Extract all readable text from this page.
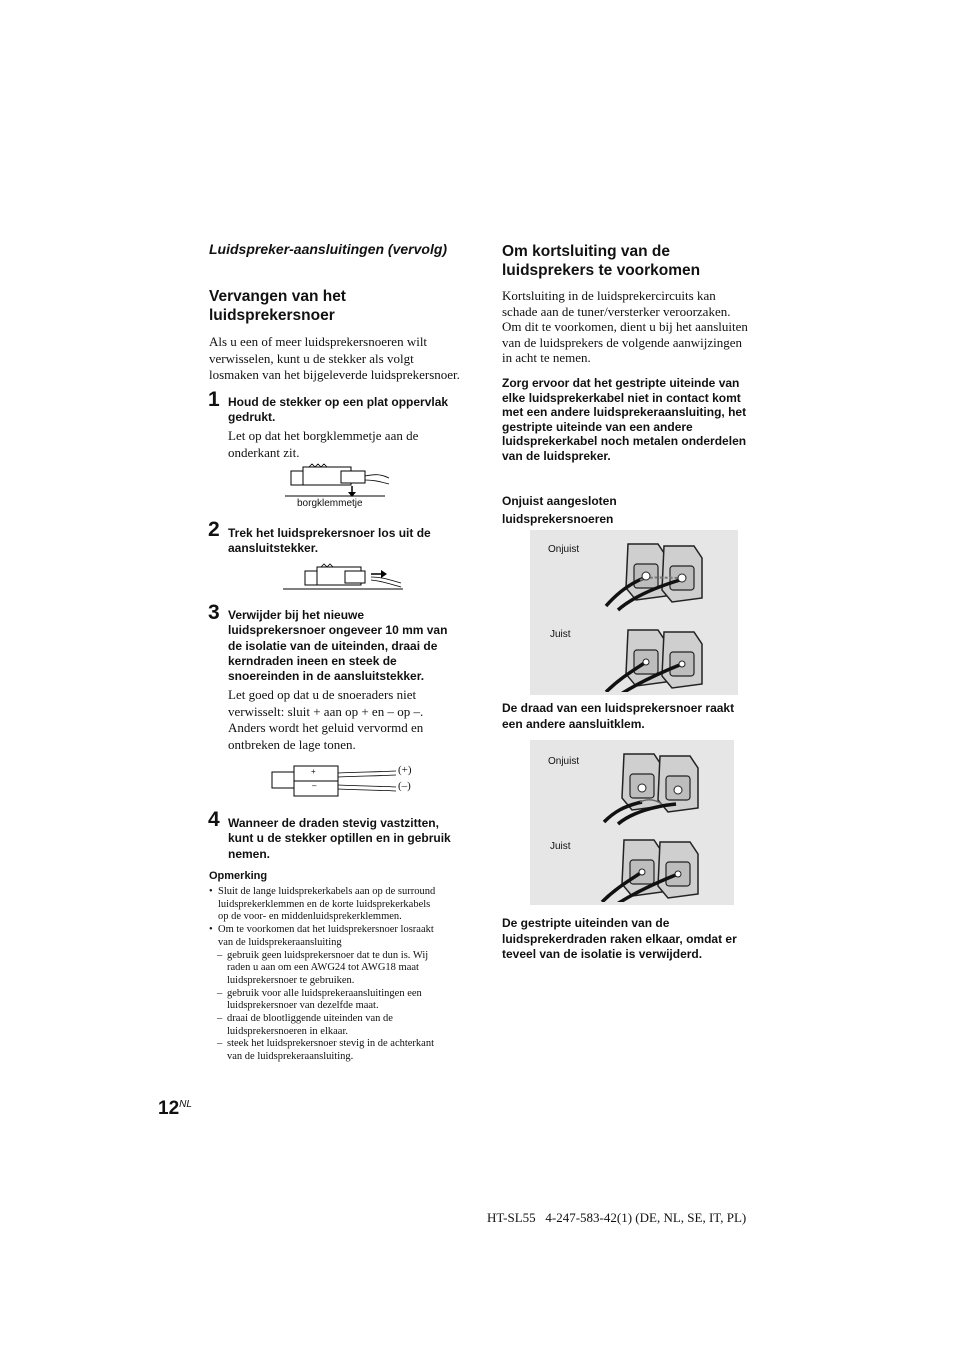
Luidspreker-aansluitingen (vervolg)
Vervangen van het
luidsprekersnoer
Als u een of meer luidsprekersnoeren wilt
verwisselen, kunt u de stekker als volgt
losmaken van het bijgeleverde luidsprekersnoer.
1 Houd de stekker op een plat oppervlak
gedrukt.
Let op dat het borgklemmetje aan de
onderkant zit.
borgklemmetje
2 Trek het luidsprekersnoer los uit de
aansluitstekker.
3 Verwijder bij het nieuwe
luidsprekersnoer ongeveer 10 mm van
de isolatie van de uiteinden, draai de
kerndraden ineen en steek de
snoereinden in de aansluitstekker.
Let goed op dat u de snoeraders niet
verwisselt: sluit + aan op + en – op –.
Anders wordt het geluid vervormd en
ontbreken de lage tonen.
+
–
(+)
(–)
4 Wanneer de draden stevig vastzitten,
kunt u de stekker optillen en in gebruik
nemen.
Opmerking
• Sluit de lange luidsprekerkabels aan op de surround
luidsprekerklemmen en de korte luidsprekerkabels
op de voor- en middenluidsprekerklemmen.
• Om te voorkomen dat het luidsprekersnoer losraakt
van de luidsprekeraansluiting
– gebruik geen luidsprekersnoer dat te dun is. Wij
raden u aan om een AWG24 tot AWG18 maat
luidsprekersnoer te gebruiken.
– gebruik voor alle luidsprekeraansluitingen een
luidsprekersnoer van dezelfde maat.
– draai de blootliggende uiteinden van de
luidsprekersnoeren in elkaar.
– steek het luidsprekersnoer stevig in de achterkant
van de luidsprekeraansluiting.
Om kortsluiting van de
luidsprekers te voorkomen
Kortsluiting in de luidsprekercircuits kan
schade aan de tuner/versterker veroorzaken.
Om dit te voorkomen, dient u bij het aansluiten
van de luidsprekers de volgende aanwijzingen
in acht te nemen.
Zorg ervoor dat het gestripte uiteinde van
elke luidsprekerkabel niet in contact komt
met een andere luidsprekeraansluiting, het
gestripte uiteinde van een andere
luidsprekerkabel noch metalen onderdelen
van de luidspreker.
Onjuist aangesloten
luidsprekersnoeren
Onjuist
Juist
De draad van een luidsprekersnoer raakt
een andere aansluitklem.
Onjuist
Juist
De gestripte uiteinden van de
luidsprekerdraden raken elkaar, omdat er
teveel van de isolatie is verwijderd.
$12^{NL}$
HT-SL55   4-247-583-42(1) (DE, NL, SE, IT, PL)
